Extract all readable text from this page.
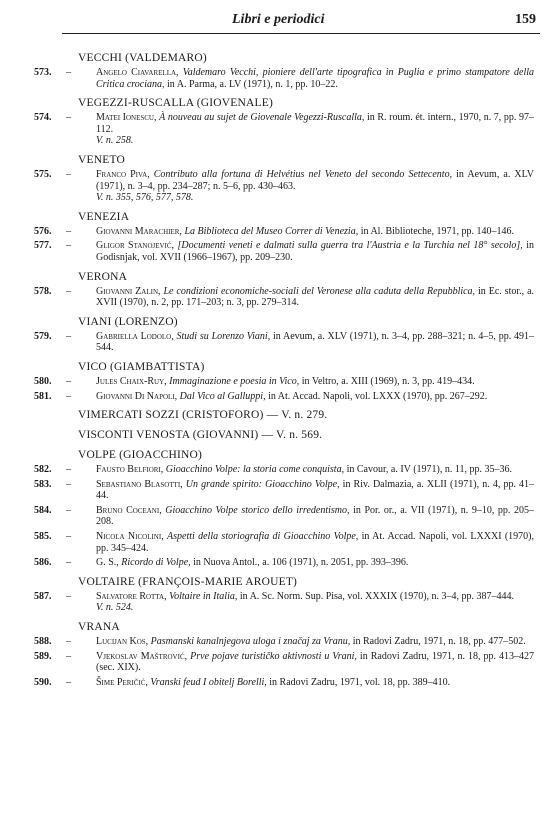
Libri e periodici	159
VECCHI (VALDEMARO)
573.	–	Angelo Ciavarella, Valdemaro Vecchi, pioniere dell'arte tipografica in Puglia e primo stampatore della Critica crociana, in A. Parma, a. LV (1971), n. 1, pp. 10–22.
VEGEZZI-RUSCALLA (GIOVENALE)
574.	–	Matei Ionescu, À nouveau au sujet de Giovenale Vegezzi-Ruscalla, in R. roum. ét. intern., 1970, n. 7, pp. 97–112.
V. n. 258.
VENETO
575.	–	Franco Piva, Contributo alla fortuna di Helvétius nel Veneto del secondo Settecento, in Aevum, a. XLV (1971), n. 3–4, pp. 234–287; n. 5–6, pp. 430–463.
V. n. 355, 576, 577, 578.
VENEZIA
576.	–	Giovanni Marachier, La Biblioteca del Museo Correr di Venezia, in Al. Biblioteche, 1971, pp. 140–146.
577.	–	Gligor Stanojević, [Documenti veneti e dalmati sulla guerra tra l'Austria e la Turchia nel 18° secolo], in Godisnjak, vol. XVII (1966–1967), pp. 209–230.
VERONA
578.	–	Giovanni Zalin, Le condizioni economiche-sociali del Veronese alla caduta della Repubblica, in Ec. stor., a. XVII (1970), n. 2, pp. 171–203; n. 3, pp. 279–314.
VIANI (LORENZO)
579.	–	Gabriella Lodolo, Studi su Lorenzo Viani, in Aevum, a. XLV (1971), n. 3–4, pp. 288–321; n. 4–5, pp. 491–544.
VICO (GIAMBATTISTA)
580.	–	Jules Chaix-Ruy, Immaginazione e poesia in Vico, in Veltro, a. XIII (1969), n. 3, pp. 419–434.
581.	–	Giovanni Di Napoli, Dal Vico al Galluppi, in At. Accad. Napoli, vol. LXXX (1970), pp. 267–292.
VIMERCATI SOZZI (CRISTOFORO) — V. n. 279.
VISCONTI VENOSTA (GIOVANNI) — V. n. 569.
VOLPE (GIOACCHINO)
582.	–	Fausto Belfiori, Gioacchino Volpe: la storia come conquista, in Cavour, a. IV (1971), n. 11, pp. 35–36.
583.	–	Sebastiano Blasotti, Un grande spirito: Gioacchino Volpe, in Riv. Dalmazia, a. XLII (1971), n. 4, pp. 41–44.
584.	–	Bruno Coceani, Gioacchino Volpe storico dello irredentismo, in Por. or., a. VII (1971), n. 9–10, pp. 205–208.
585.	–	Nicola Nicolini, Aspetti della storiografia di Gioacchino Volpe, in At. Accad. Napoli, vol. LXXXI (1970), pp. 345–424.
586.	–	G. S., Ricordo di Volpe, in Nuova Antol., a. 106 (1971), n. 2051, pp. 393–396.
VOLTAIRE (FRANÇOIS-MARIE AROUET)
587.	–	Salvatore Rotta, Voltaire in Italia, in A. Sc. Norm. Sup. Pisa, vol. XXXIX (1970), n. 3–4, pp. 387–444.
V. n. 524.
VRANA
588.	–	Lucijan Kos, Pasmanski kanalnjegova uloga i značaj za Vranu, in Radovi Zadru, 1971, n. 18, pp. 477–502.
589.	–	Vjekoslav Maštrović, Prve pojave turističko aktivnosti u Vrani, in Radovi Zadru, 1971, n. 18, pp. 413–427 (sec. XIX).
590.	–	Šime Peričić, Vranski feud I obitelj Borelli, in Radovi Zadru, 1971, vol. 18, pp. 389–410.
